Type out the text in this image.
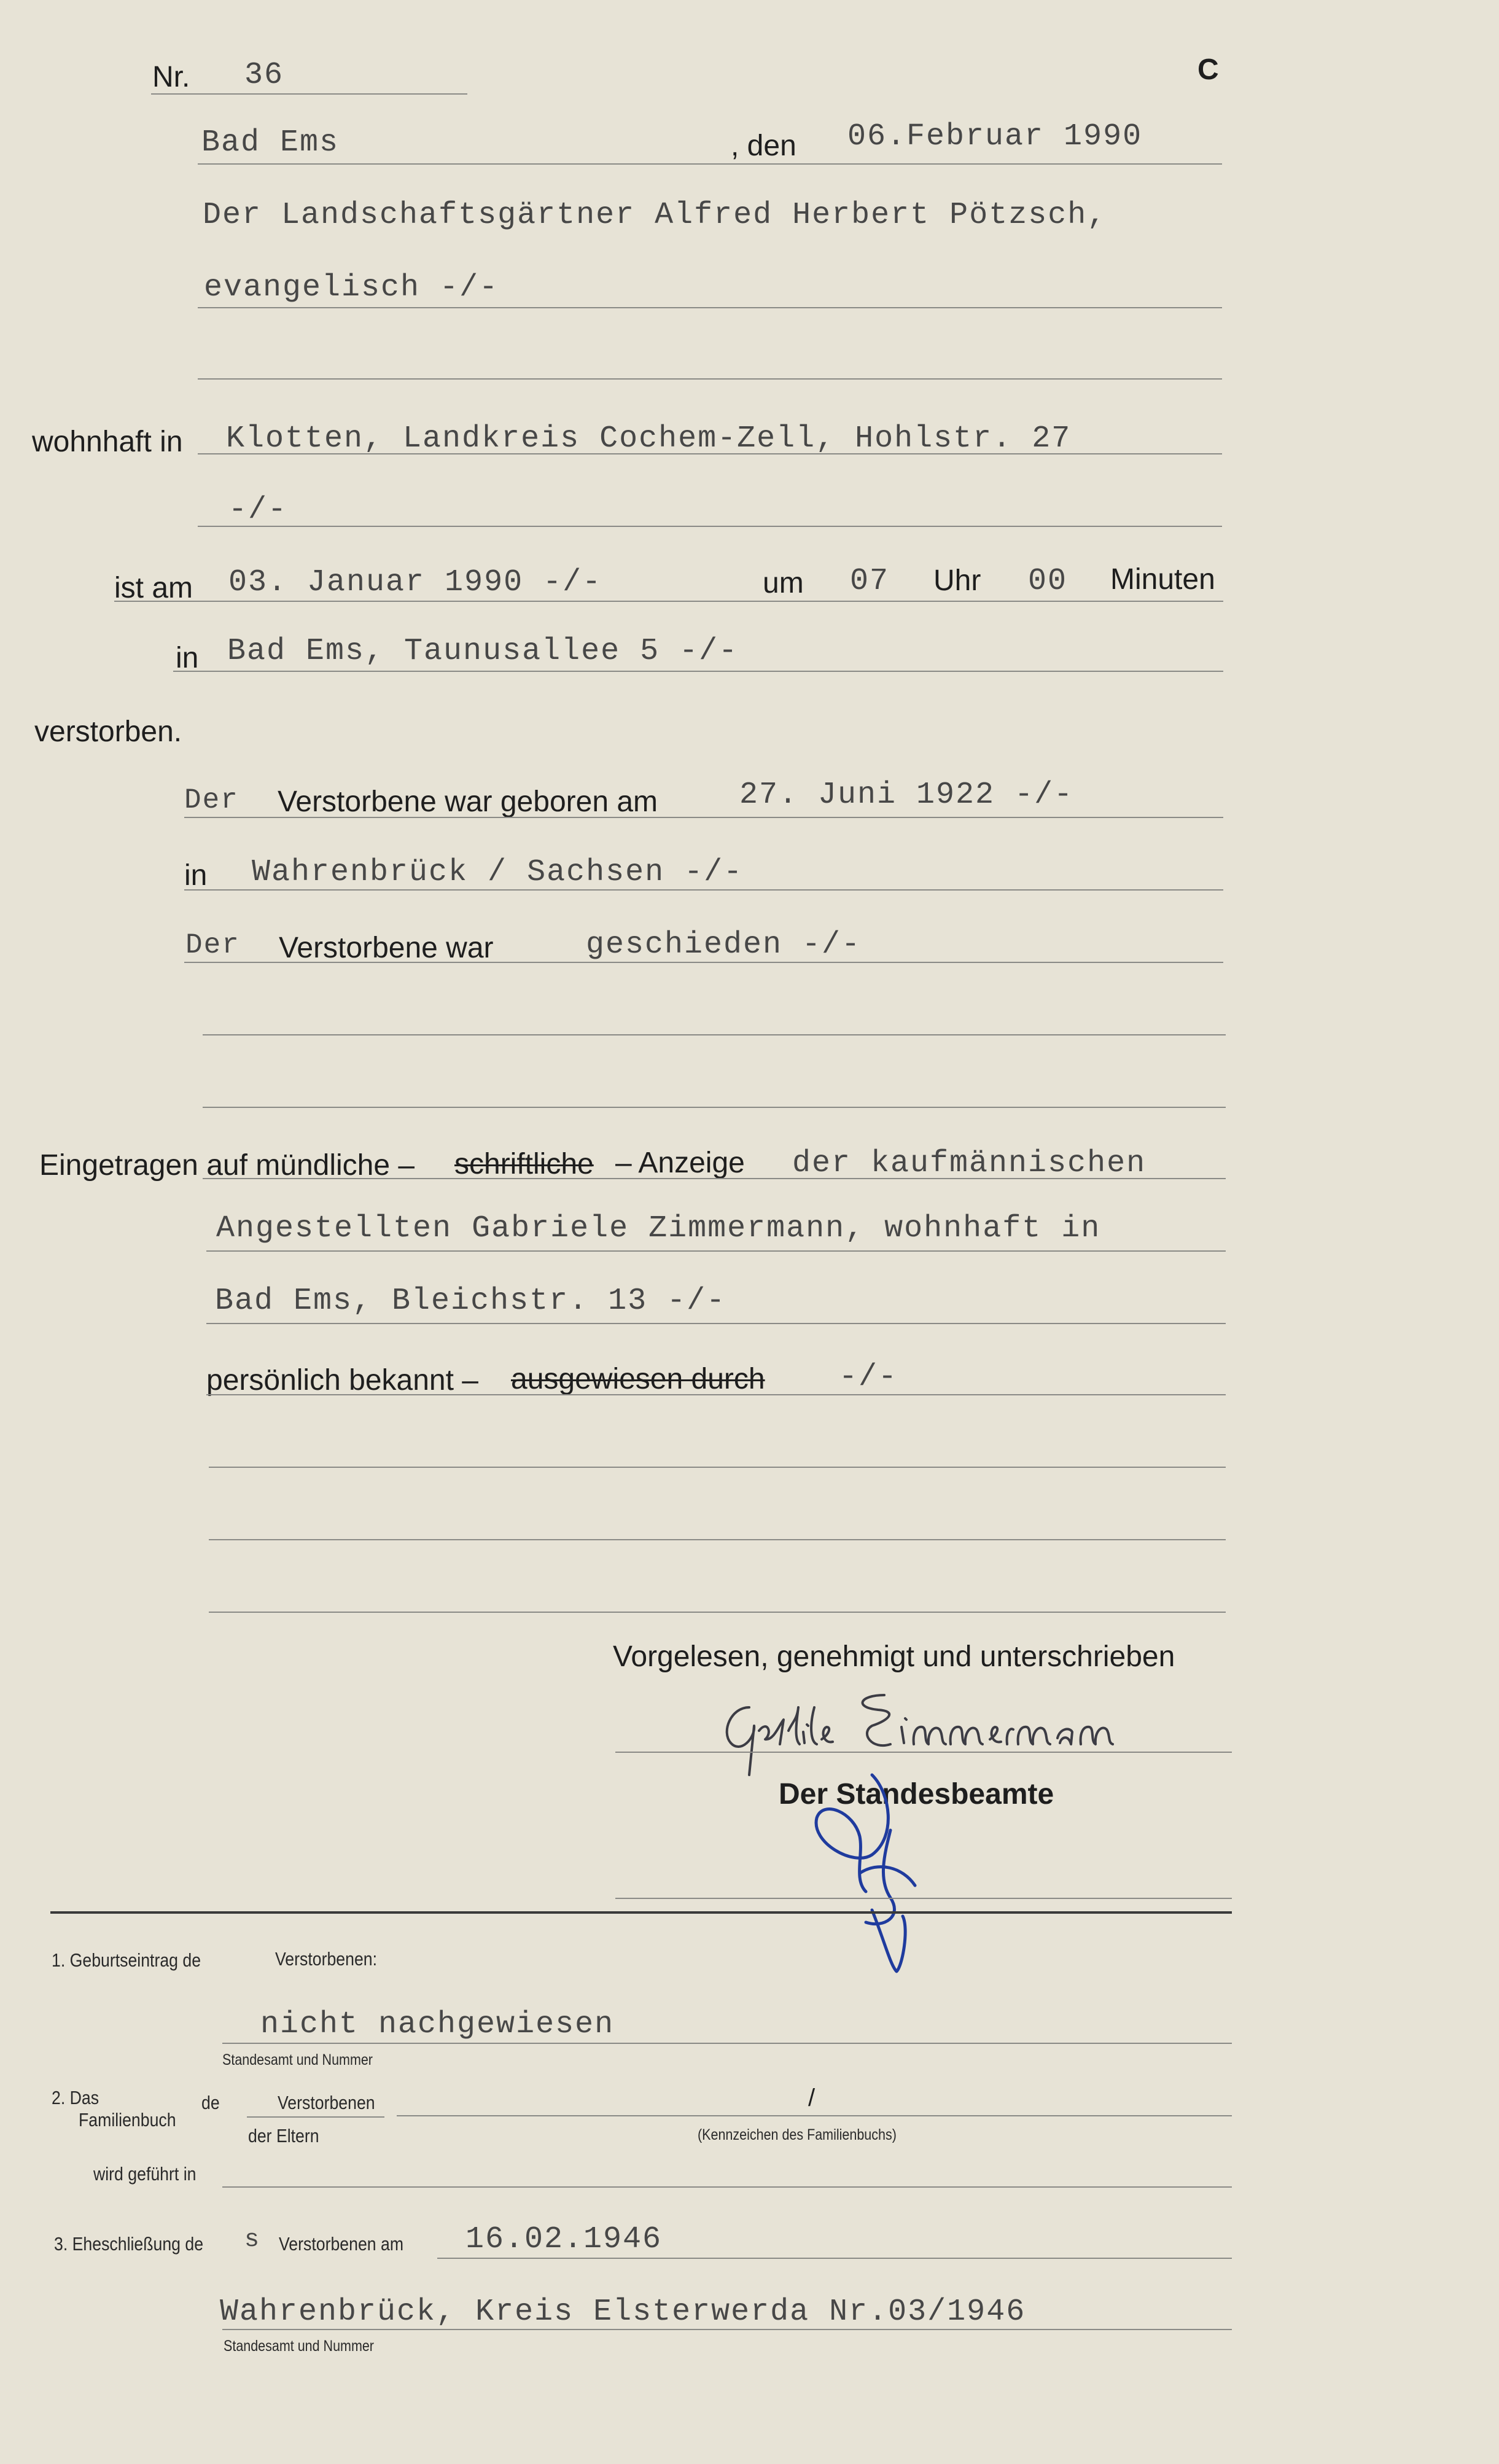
Nr. 36	C
Bad Ems	, den 06.Februar 1990
Der Landschaftsgärtner Alfred Herbert Pötzsch,
evangelisch -/-
wohnhaft in Klotten, Landkreis Cochem-Zell, Hohlstr. 27
-/-
ist am 03. Januar 1990 -/-	um 07 Uhr 00 Minuten
in Bad Ems, Taunusallee 5 -/-
verstorben.
Der Verstorbene war geboren am	27. Juni 1922 -/-
in Wahrenbrück / Sachsen -/-
Der Verstorbene war	geschieden -/-
Eingetragen auf mündliche – schriftliche – Anzeige der kaufmännischen
Angestellten Gabriele Zimmermann, wohnhaft in
Bad Ems, Bleichstr. 13 -/-
persönlich bekannt – ausgewiesen durch -/-
Vorgelesen, genehmigt und unterschrieben
Der Standesbeamte
1. Geburtseintrag de	Verstorbenen:
nicht nachgewiesen
Standesamt und Nummer
2. Das
Familienbuch
de	Verstorbenen
der Eltern
/
(Kennzeichen des Familienbuchs)
wird geführt in
3. Eheschließung de s Verstorbenen am 16.02.1946
Wahrenbrück, Kreis Elsterwerda Nr.03/1946
Standesamt und Nummer
